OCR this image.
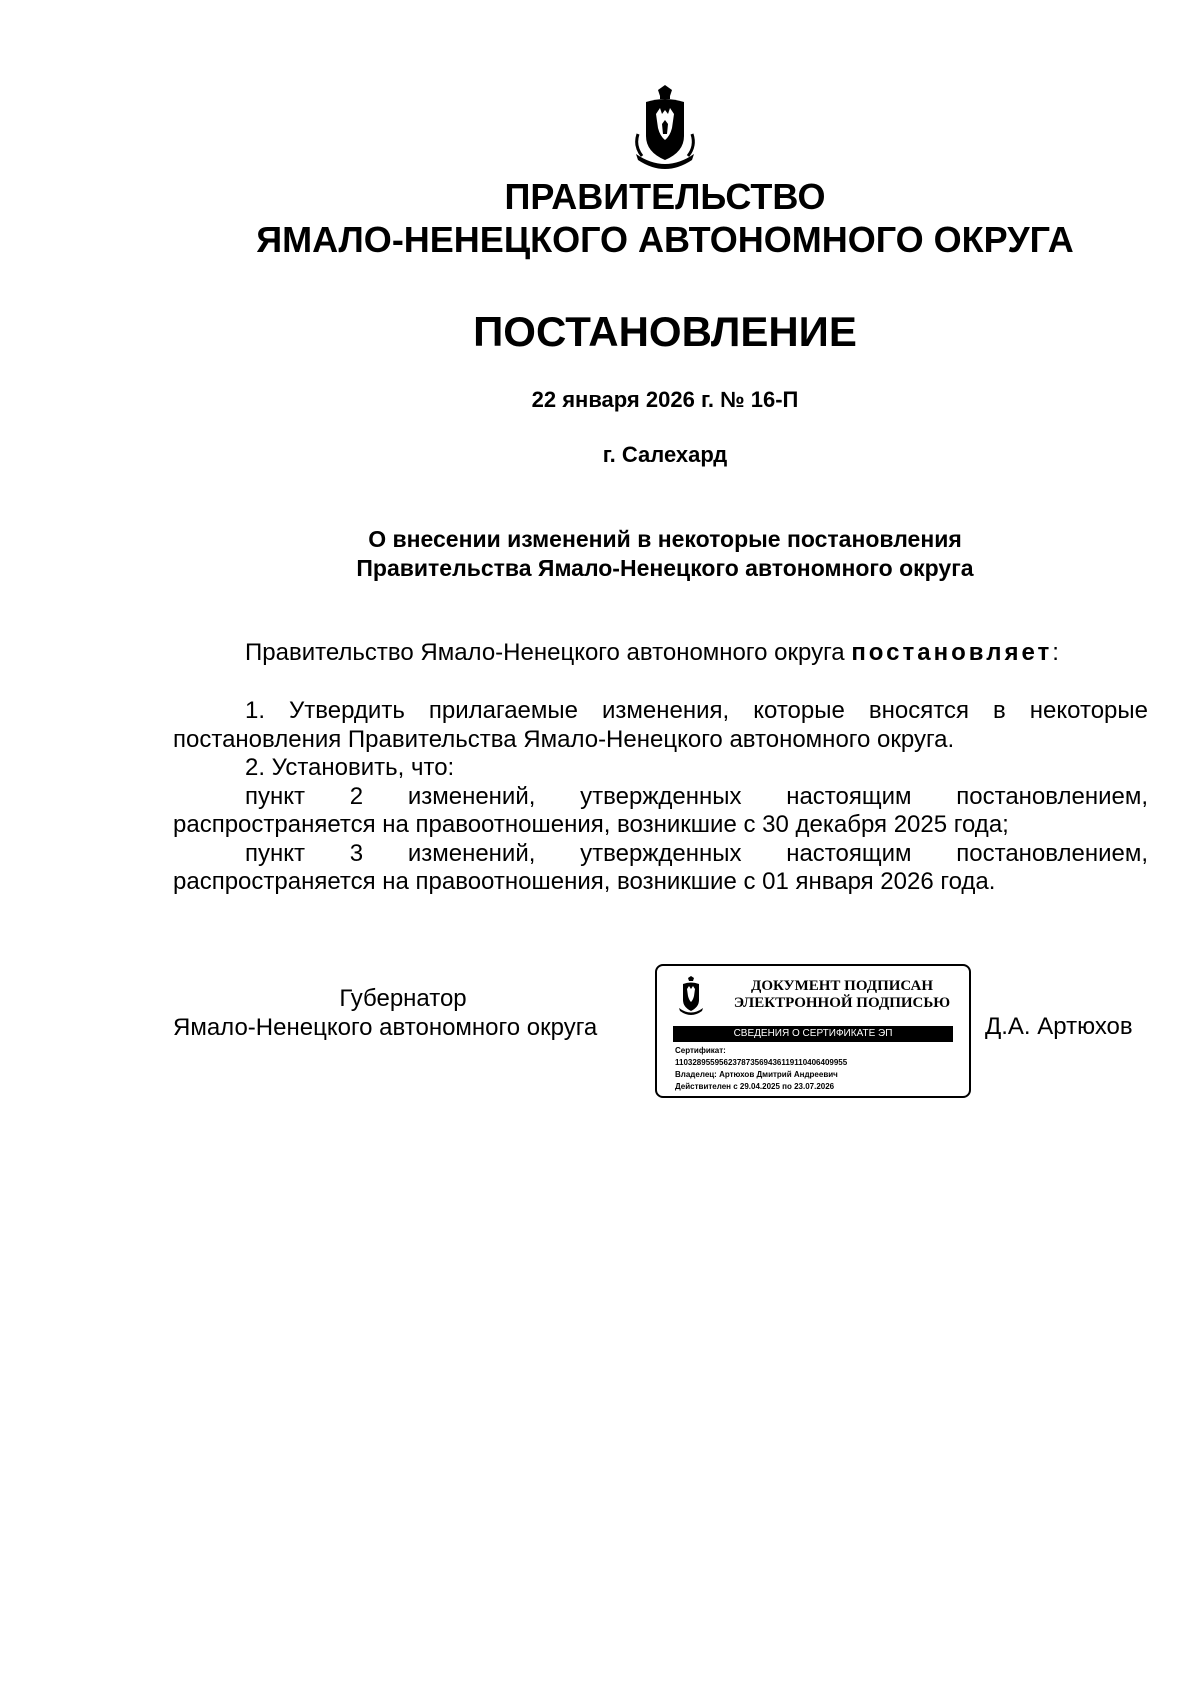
ПРАВИТЕЛЬСТВО
ЯМАЛО-НЕНЕЦКОГО АВТОНОМНОГО ОКРУГА
ПОСТАНОВЛЕНИЕ
22 января 2026 г. № 16-П
г. Салехард
О внесении изменений в некоторые постановления
Правительства Ямало-Ненецкого автономного округа

Правительство Ямало-Ненецкого автономного округа постановляет:

1. Утвердить прилагаемые изменения, которые вносятся в некоторые постановления Правительства Ямало-Ненецкого автономного округа.

2. Установить, что:

пункт 2 изменений, утвержденных настоящим постановлением, распространяется на правоотношения, возникшие с 30 декабря 2025 года;

пункт 3 изменений, утвержденных настоящим постановлением, распространяется на правоотношения, возникшие с 01 января 2026 года.

Губернатор
Ямало-Ненецкого автономного округа
ДОКУМЕНТ ПОДПИСАН
ЭЛЕКТРОННОЙ ПОДПИСЬЮ
СВЕДЕНИЯ О СЕРТИФИКАТЕ ЭП
Сертификат:
110328955956237873569436119110406409955
Владелец: Артюхов Дмитрий Андреевич
Действителен с 29.04.2025 по 23.07.2026
Д.А. Артюхов
